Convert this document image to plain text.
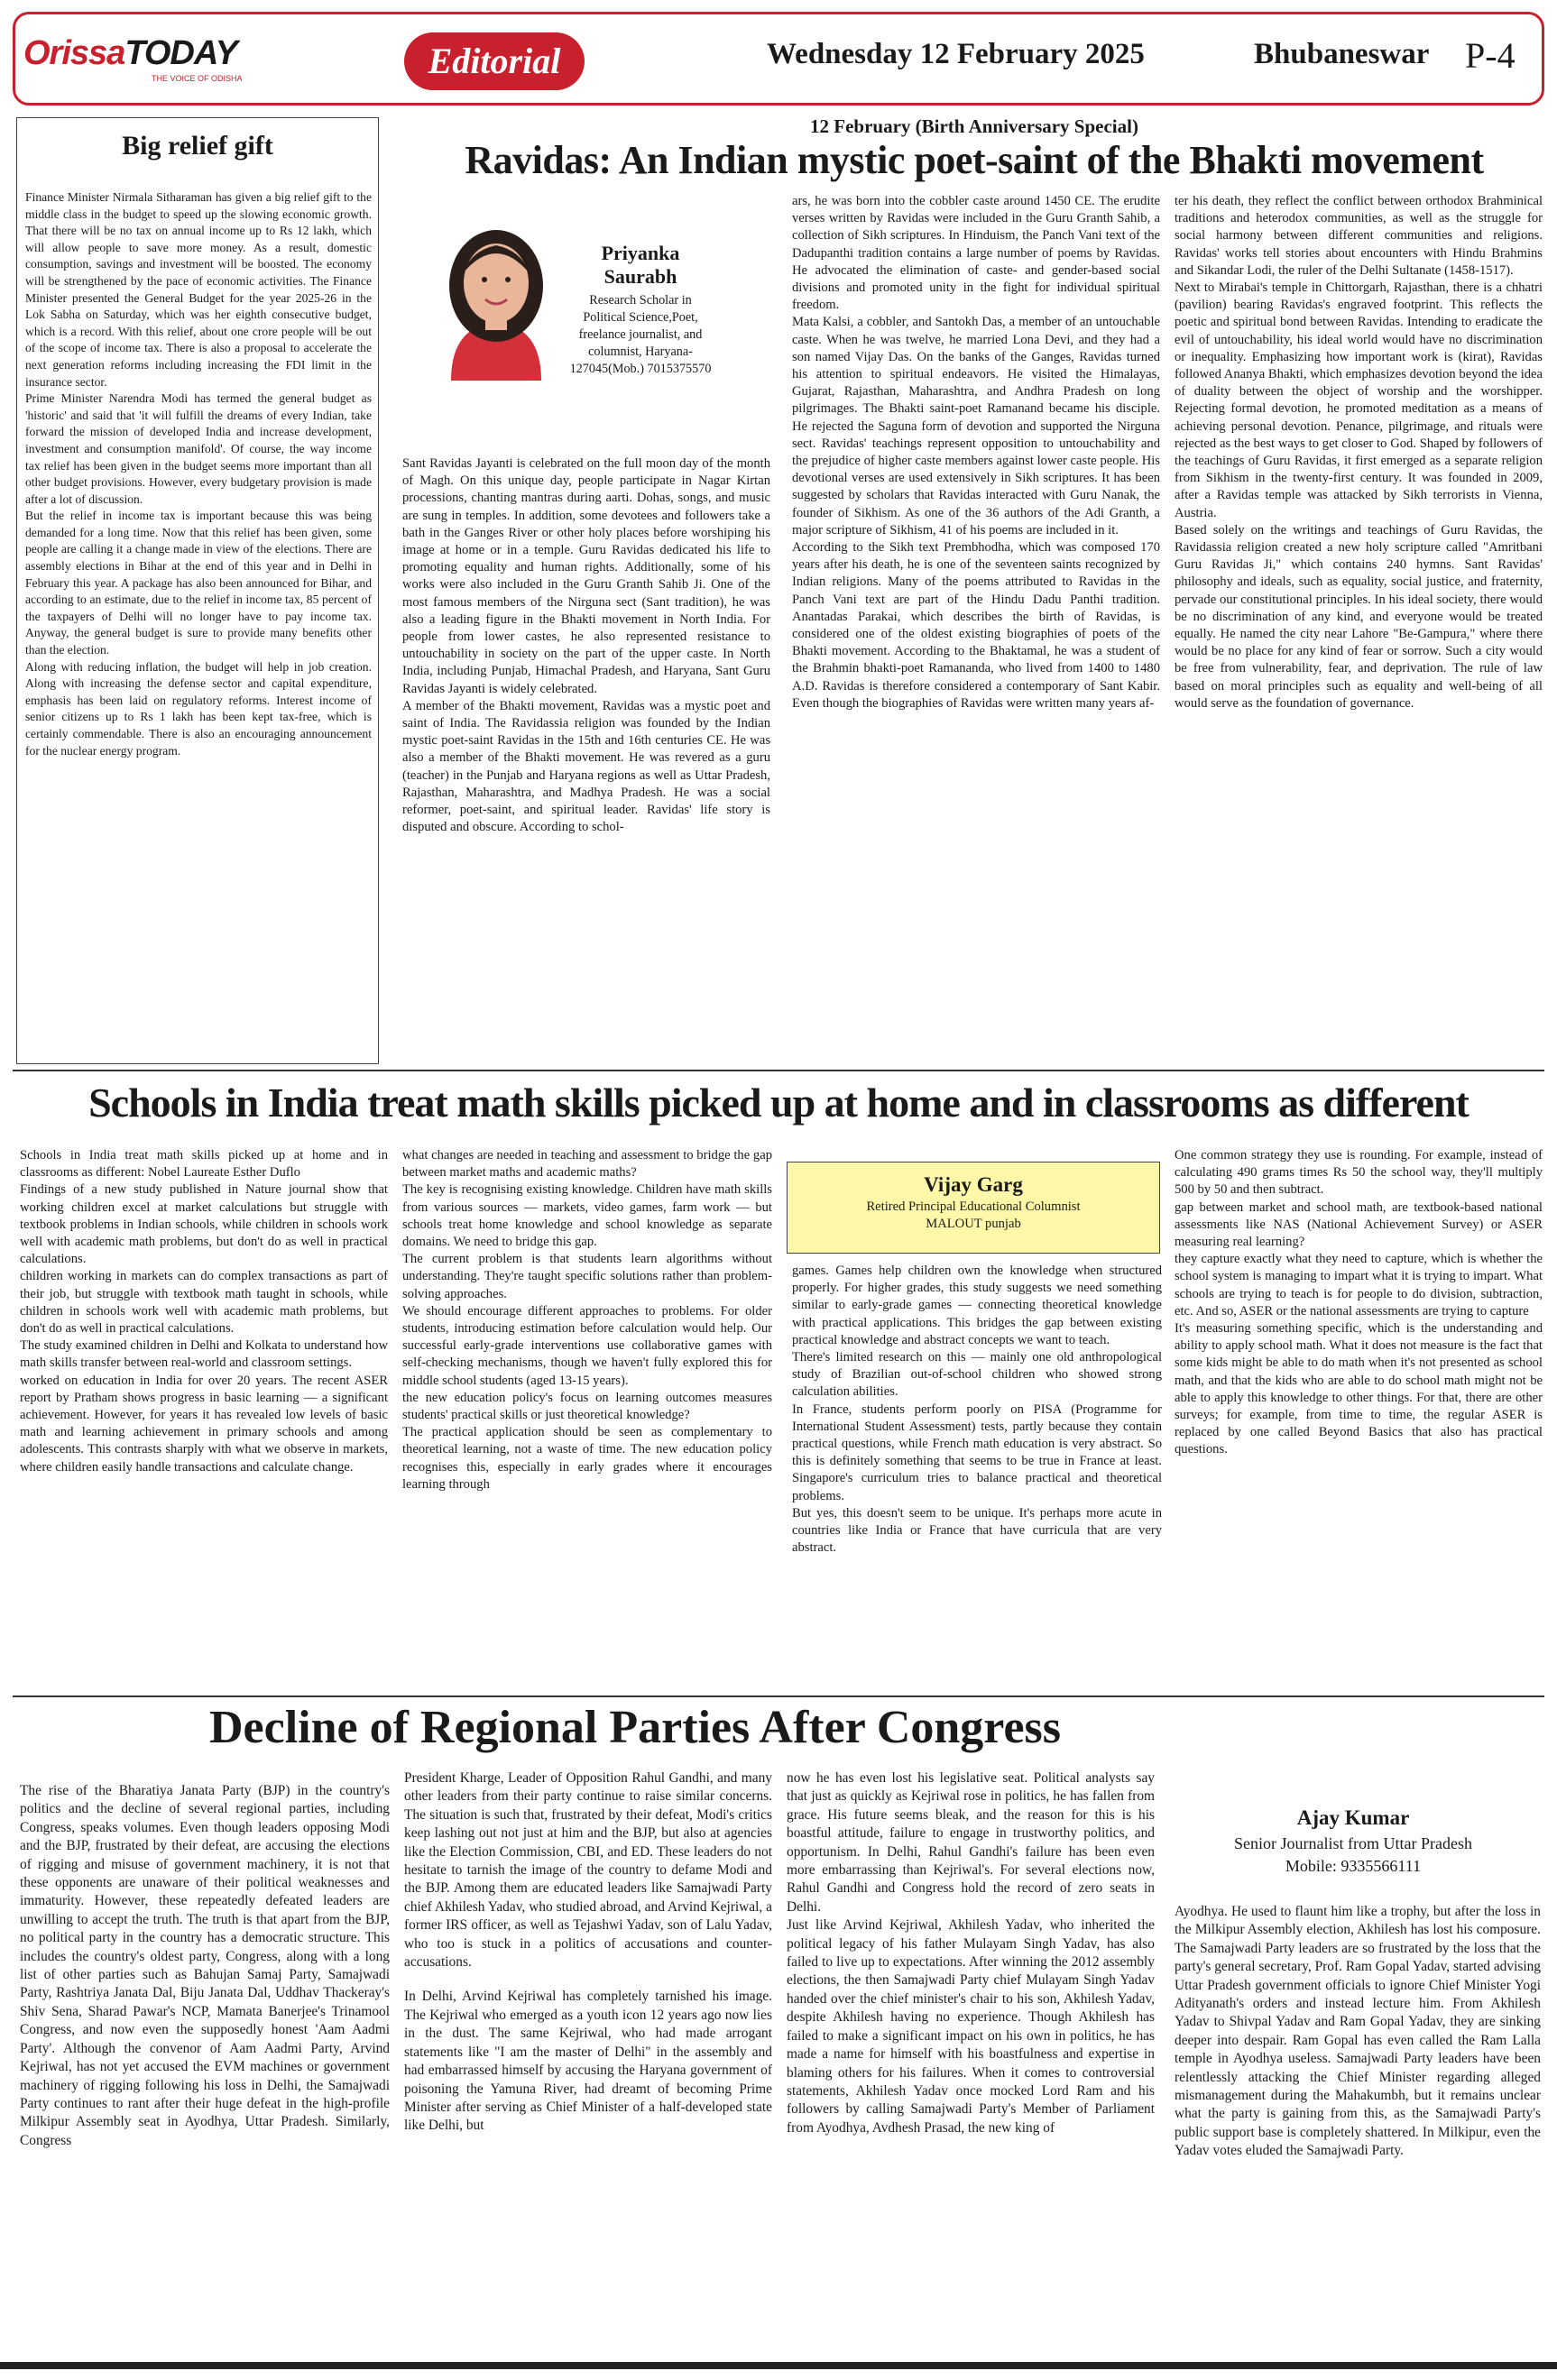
OrissaTODAY
THE VOICE OF ODISHA	Editorial	Wednesday 12 February 2025	Bhubaneswar P-4
Big relief gift

Finance Minister Nirmala Sitharaman has given a big relief gift to the middle class in the budget to speed up the slowing economic growth. That there will be no tax on annual income up to Rs 12 lakh, which will allow people to save more money. As a result, domestic consumption, savings and investment will be boosted. The economy will be strengthened by the pace of economic activities. The Finance Minister presented the General Budget for the year 2025-26 in the Lok Sabha on Saturday, which was her eighth consecutive budget, which is a record. With this relief, about one crore people will be out of the scope of income tax. There is also a proposal to accelerate the next generation reforms including increasing the FDI limit in the insurance sector.

Prime Minister Narendra Modi has termed the general budget as 'historic' and said that 'it will fulfill the dreams of every Indian, take forward the mission of developed India and increase development, investment and consumption manifold'. Of course, the way income tax relief has been given in the budget seems more important than all other budget provisions. However, every budgetary provision is made after a lot of discussion.

But the relief in income tax is important because this was being demanded for a long time. Now that this relief has been given, some people are calling it a change made in view of the elections. There are assembly elections in Bihar at the end of this year and in Delhi in February this year. A package has also been announced for Bihar, and according to an estimate, due to the relief in income tax, 85 percent of the taxpayers of Delhi will no longer have to pay income tax. Anyway, the general budget is sure to provide many benefits other than the election.

Along with reducing inflation, the budget will help in job creation. Along with increasing the defense sector and capital expenditure, emphasis has been laid on regulatory reforms. Interest income of senior citizens up to Rs 1 lakh has been kept tax-free, which is certainly commendable. There is also an encouraging announcement for the nuclear energy program.

12 February (Birth Anniversary Special)
Ravidas: An Indian mystic poet-saint of the Bhakti movement
Priyanka Saurabh
Research Scholar in Political Science,Poet, freelance journalist, and columnist, Haryana-127045(Mob.) 7015375570

Sant Ravidas Jayanti is celebrated on the full moon day of the month of Magh. On this unique day, people participate in Nagar Kirtan processions, chanting mantras during aarti. Dohas, songs, and music are sung in temples. In addition, some devotees and followers take a bath in the Ganges River or other holy places before worshiping his image at home or in a temple. Guru Ravidas dedicated his life to promoting equality and human rights. Additionally, some of his works were also included in the Guru Granth Sahib Ji. One of the most famous members of the Nirguna sect (Sant tradition), he was also a leading figure in the Bhakti movement in North India. For people from lower castes, he also represented resistance to untouchability in society on the part of the upper caste. In North India, including Punjab, Himachal Pradesh, and Haryana, Sant Guru Ravidas Jayanti is widely celebrated.

A member of the Bhakti movement, Ravidas was a mystic poet and saint of India. The Ravidassia religion was founded by the Indian mystic poet-saint Ravidas in the 15th and 16th centuries CE. He was also a member of the Bhakti movement. He was revered as a guru (teacher) in the Punjab and Haryana regions as well as Uttar Pradesh, Rajasthan, Maharashtra, and Madhya Pradesh. He was a social reformer, poet-saint, and spiritual leader. Ravidas' life story is disputed and obscure. According to schol-

ars, he was born into the cobbler caste around 1450 CE. The erudite verses written by Ravidas were included in the Guru Granth Sahib, a collection of Sikh scriptures. In Hinduism, the Panch Vani text of the Dadupanthi tradition contains a large number of poems by Ravidas. He advocated the elimination of caste- and gender-based social divisions and promoted unity in the fight for individual spiritual freedom.

Mata Kalsi, a cobbler, and Santokh Das, a member of an untouchable caste. When he was twelve, he married Lona Devi, and they had a son named Vijay Das. On the banks of the Ganges, Ravidas turned his attention to spiritual endeavors. He visited the Himalayas, Gujarat, Rajasthan, Maharashtra, and Andhra Pradesh on long pilgrimages. The Bhakti saint-poet Ramanand became his disciple. He rejected the Saguna form of devotion and supported the Nirguna sect. Ravidas' teachings represent opposition to untouchability and the prejudice of higher caste members against lower caste people. His devotional verses are used extensively in Sikh scriptures. It has been suggested by scholars that Ravidas interacted with Guru Nanak, the founder of Sikhism. As one of the 36 authors of the Adi Granth, a major scripture of Sikhism, 41 of his poems are included in it.

According to the Sikh text Prembhodha, which was composed 170 years after his death, he is one of the seventeen saints recognized by Indian religions. Many of the poems attributed to Ravidas in the Panch Vani text are part of the Hindu Dadu Panthi tradition. Anantadas Parakai, which describes the birth of Ravidas, is considered one of the oldest existing biographies of poets of the Bhakti movement. According to the Bhaktamal, he was a student of the Brahmin bhakti-poet Ramananda, who lived from 1400 to 1480 A.D. Ravidas is therefore considered a contemporary of Sant Kabir. Even though the biographies of Ravidas were written many years af-

ter his death, they reflect the conflict between orthodox Brahminical traditions and heterodox communities, as well as the struggle for social harmony between different communities and religions. Ravidas' works tell stories about encounters with Hindu Brahmins and Sikandar Lodi, the ruler of the Delhi Sultanate (1458-1517).

Next to Mirabai's temple in Chittorgarh, Rajasthan, there is a chhatri (pavilion) bearing Ravidas's engraved footprint. This reflects the poetic and spiritual bond between Ravidas. Intending to eradicate the evil of untouchability, his ideal world would have no discrimination or inequality. Emphasizing how important work is (kirat), Ravidas followed Ananya Bhakti, which emphasizes devotion beyond the idea of duality between the object of worship and the worshipper. Rejecting formal devotion, he promoted meditation as a means of achieving personal devotion. Penance, pilgrimage, and rituals were rejected as the best ways to get closer to God. Shaped by followers of the teachings of Guru Ravidas, it first emerged as a separate religion from Sikhism in the twenty-first century. It was founded in 2009, after a Ravidas temple was attacked by Sikh terrorists in Vienna, Austria.

Based solely on the writings and teachings of Guru Ravidas, the Ravidassia religion created a new holy scripture called "Amritbani Guru Ravidas Ji," which contains 240 hymns. Sant Ravidas' philosophy and ideals, such as equality, social justice, and fraternity, pervade our constitutional principles. In his ideal society, there would be no discrimination of any kind, and everyone would be treated equally. He named the city near Lahore "Be-Gampura," where there would be no place for any kind of fear or sorrow. Such a city would be free from vulnerability, fear, and deprivation. The rule of law based on moral principles such as equality and well-being of all would serve as the foundation of governance.

Schools in India treat math skills picked up at home and in classrooms as different

Schools in India treat math skills picked up at home and in classrooms as different: Nobel Laureate Esther Duflo

Findings of a new study published in Nature journal show that working children excel at market calculations but struggle with textbook problems in Indian schools, while children in schools work well with academic math problems, but don't do as well in practical calculations.

children working in markets can do complex transactions as part of their job, but struggle with textbook math taught in schools, while children in schools work well with academic math problems, but don't do as well in practical calculations.

The study examined children in Delhi and Kolkata to understand how math skills transfer between real-world and classroom settings.

worked on education in India for over 20 years. The recent ASER report by Pratham shows progress in basic learning — a significant achievement. However, for years it has revealed low levels of basic math and learning achievement in primary schools and among adolescents. This contrasts sharply with what we observe in markets, where children easily handle transactions and calculate change.

what changes are needed in teaching and assessment to bridge the gap between market maths and academic maths?

The key is recognising existing knowledge. Children have math skills from various sources — markets, video games, farm work — but schools treat home knowledge and school knowledge as separate domains. We need to bridge this gap.

The current problem is that students learn algorithms without understanding. They're taught specific solutions rather than problem-solving approaches.

We should encourage different approaches to problems. For older students, introducing estimation before calculation would help. Our successful early-grade interventions use collaborative games with self-checking mechanisms, though we haven't fully explored this for middle school students (aged 13-15 years).

the new education policy's focus on learning outcomes measures students' practical skills or just theoretical knowledge?

The practical application should be seen as complementary to theoretical learning, not a waste of time. The new education policy recognises this, especially in early grades where it encourages learning through

Vijay Garg
Retired Principal Educational Columnist
MALOUT punjab

games. Games help children own the knowledge when structured properly. For higher grades, this study suggests we need something similar to early-grade games — connecting theoretical knowledge with practical applications. This bridges the gap between existing practical knowledge and abstract concepts we want to teach.

There's limited research on this — mainly one old anthropological study of Brazilian out-of-school children who showed strong calculation abilities.

In France, students perform poorly on PISA (Programme for International Student Assessment) tests, partly because they contain practical questions, while French math education is very abstract. So this is definitely something that seems to be true in France at least. Singapore's curriculum tries to balance practical and theoretical problems.

But yes, this doesn't seem to be unique. It's perhaps more acute in countries like India or France that have curricula that are very abstract.

One common strategy they use is rounding. For example, instead of calculating 490 grams times Rs 50 the school way, they'll multiply 500 by 50 and then subtract.

gap between market and school math, are textbook-based national assessments like NAS (National Achievement Survey) or ASER measuring real learning?

they capture exactly what they need to capture, which is whether the school system is managing to impart what it is trying to impart. What schools are trying to teach is for people to do division, subtraction, etc. And so, ASER or the national assessments are trying to capture

It's measuring something specific, which is the understanding and ability to apply school math. What it does not measure is the fact that some kids might be able to do math when it's not presented as school math, and that the kids who are able to do school math might not be able to apply this knowledge to other things. For that, there are other surveys; for example, from time to time, the regular ASER is replaced by one called Beyond Basics that also has practical questions.

Decline of Regional Parties After Congress

The rise of the Bharatiya Janata Party (BJP) in the country's politics and the decline of several regional parties, including Congress, speaks volumes. Even though leaders opposing Modi and the BJP, frustrated by their defeat, are accusing the elections of rigging and misuse of government machinery, it is not that these opponents are unaware of their political weaknesses and immaturity. However, these repeatedly defeated leaders are unwilling to accept the truth. The truth is that apart from the BJP, no political party in the country has a democratic structure. This includes the country's oldest party, Congress, along with a long list of other parties such as Bahujan Samaj Party, Samajwadi Party, Rashtriya Janata Dal, Biju Janata Dal, Uddhav Thackeray's Shiv Sena, Sharad Pawar's NCP, Mamata Banerjee's Trinamool Congress, and now even the supposedly honest 'Aam Aadmi Party'. Although the convenor of Aam Aadmi Party, Arvind Kejriwal, has not yet accused the EVM machines or government machinery of rigging following his loss in Delhi, the Samajwadi Party continues to rant after their huge defeat in the high-profile Milkipur Assembly seat in Ayodhya, Uttar Pradesh. Similarly, Congress

President Kharge, Leader of Opposition Rahul Gandhi, and many other leaders from their party continue to raise similar concerns. The situation is such that, frustrated by their defeat, Modi's critics keep lashing out not just at him and the BJP, but also at agencies like the Election Commission, CBI, and ED. These leaders do not hesitate to tarnish the image of the country to defame Modi and the BJP. Among them are educated leaders like Samajwadi Party chief Akhilesh Yadav, who studied abroad, and Arvind Kejriwal, a former IRS officer, as well as Tejashwi Yadav, son of Lalu Yadav, who too is stuck in a politics of accusations and counter-accusations.

In Delhi, Arvind Kejriwal has completely tarnished his image. The Kejriwal who emerged as a youth icon 12 years ago now lies in the dust. The same Kejriwal, who had made arrogant statements like "I am the master of Delhi" in the assembly and had embarrassed himself by accusing the Haryana government of poisoning the Yamuna River, had dreamt of becoming Prime Minister after serving as Chief Minister of a half-developed state like Delhi, but

now he has even lost his legislative seat. Political analysts say that just as quickly as Kejriwal rose in politics, he has fallen from grace. His future seems bleak, and the reason for this is his boastful attitude, failure to engage in trustworthy politics, and opportunism. In Delhi, Rahul Gandhi's failure has been even more embarrassing than Kejriwal's. For several elections now, Rahul Gandhi and Congress hold the record of zero seats in Delhi.

Just like Arvind Kejriwal, Akhilesh Yadav, who inherited the political legacy of his father Mulayam Singh Yadav, has also failed to live up to expectations. After winning the 2012 assembly elections, the then Samajwadi Party chief Mulayam Singh Yadav handed over the chief minister's chair to his son, Akhilesh Yadav, despite Akhilesh having no experience. Though Akhilesh has failed to make a significant impact on his own in politics, he has made a name for himself with his boastfulness and expertise in blaming others for his failures. When it comes to controversial statements, Akhilesh Yadav once mocked Lord Ram and his followers by calling Samajwadi Party's Member of Parliament from Ayodhya, Avdhesh Prasad, the new king of

Ajay Kumar
Senior Journalist from Uttar Pradesh
Mobile: 9335566111

Ayodhya. He used to flaunt him like a trophy, but after the loss in the Milkipur Assembly election, Akhilesh has lost his composure. The Samajwadi Party leaders are so frustrated by the loss that the party's general secretary, Prof. Ram Gopal Yadav, started advising Uttar Pradesh government officials to ignore Chief Minister Yogi Adityanath's orders and instead lecture him. From Akhilesh Yadav to Shivpal Yadav and Ram Gopal Yadav, they are sinking deeper into despair. Ram Gopal has even called the Ram Lalla temple in Ayodhya useless. Samajwadi Party leaders have been relentlessly attacking the Chief Minister regarding alleged mismanagement during the Mahakumbh, but it remains unclear what the party is gaining from this, as the Samajwadi Party's public support base is completely shattered. In Milkipur, even the Yadav votes eluded the Samajwadi Party.
